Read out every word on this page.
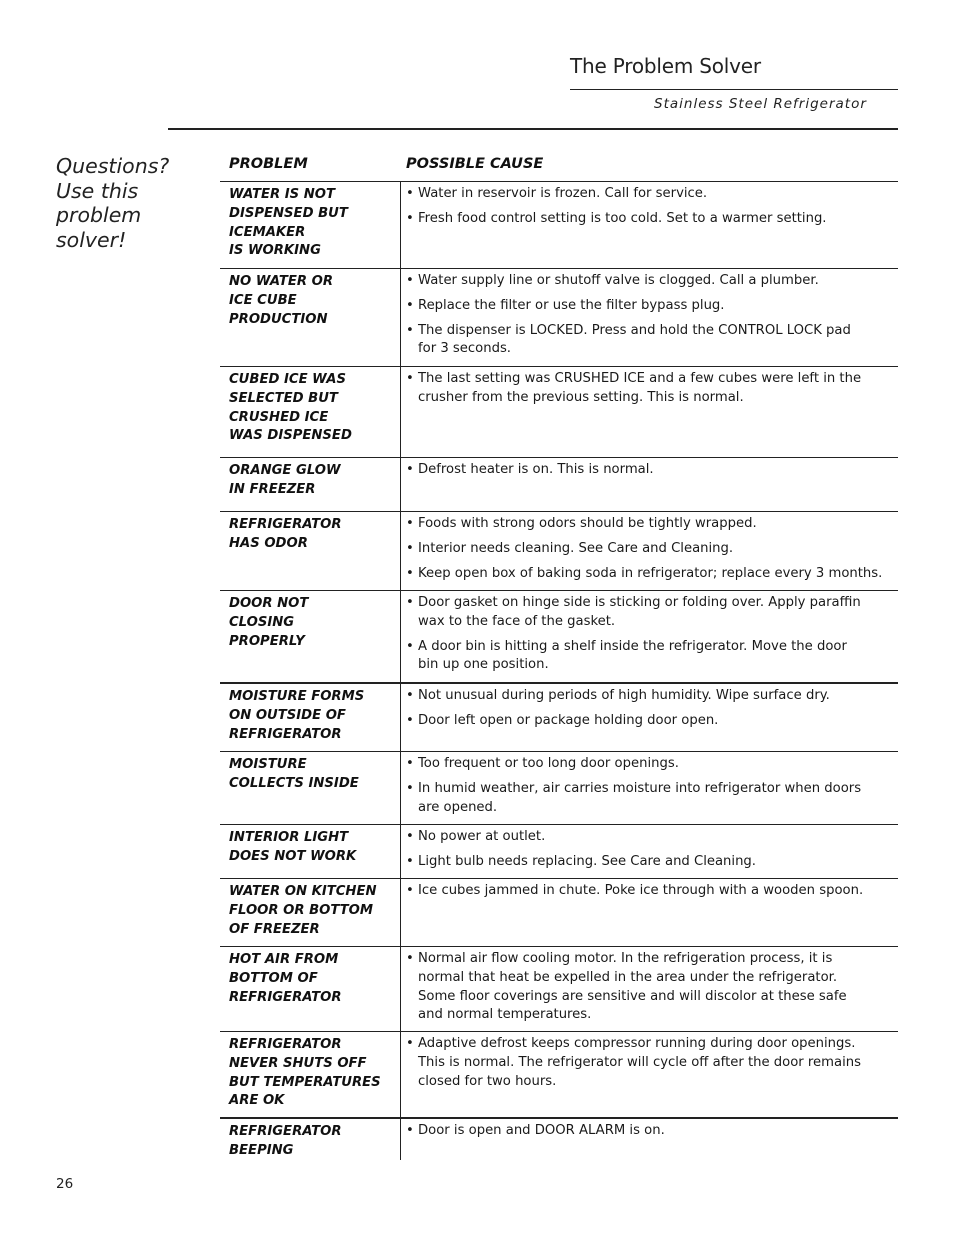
The Problem Solver
Stainless Steel Refrigerator
Questions?
Use this
problem
solver!
PROBLEM	POSSIBLE CAUSE
WATER IS NOT
DISPENSED BUT
ICEMAKER
IS WORKING
• Water in reservoir is frozen. Call for service.
• Fresh food control setting is too cold. Set to a warmer setting.
NO WATER OR
ICE CUBE
PRODUCTION
• Water supply line or shutoff valve is clogged. Call a plumber.
• Replace the filter or use the filter bypass plug.
• The dispenser is LOCKED. Press and hold the CONTROL LOCK pad
for 3 seconds.
CUBED ICE WAS
SELECTED BUT
CRUSHED ICE
WAS DISPENSED
• The last setting was CRUSHED ICE and a few cubes were left in the
crusher from the previous setting. This is normal.
ORANGE GLOW
IN FREEZER
• Defrost heater is on. This is normal.
REFRIGERATOR
HAS ODOR
• Foods with strong odors should be tightly wrapped.
• Interior needs cleaning. See Care and Cleaning.
• Keep open box of baking soda in refrigerator; replace every 3 months.
DOOR NOT
CLOSING
PROPERLY
• Door gasket on hinge side is sticking or folding over. Apply paraffin
wax to the face of the gasket.
• A door bin is hitting a shelf inside the refrigerator. Move the door
bin up one position.
MOISTURE FORMS
ON OUTSIDE OF
REFRIGERATOR
• Not unusual during periods of high humidity. Wipe surface dry.
• Door left open or package holding door open.
MOISTURE
COLLECTS INSIDE
• Too frequent or too long door openings.
• In humid weather, air carries moisture into refrigerator when doors
are opened.
INTERIOR LIGHT
DOES NOT WORK
• No power at outlet.
• Light bulb needs replacing. See Care and Cleaning.
WATER ON KITCHEN
FLOOR OR BOTTOM
OF FREEZER
• Ice cubes jammed in chute. Poke ice through with a wooden spoon.
HOT AIR FROM
BOTTOM OF
REFRIGERATOR
• Normal air flow cooling motor. In the refrigeration process, it is
normal that heat be expelled in the area under the refrigerator.
Some floor coverings are sensitive and will discolor at these safe
and normal temperatures.
REFRIGERATOR
NEVER SHUTS OFF
BUT TEMPERATURES
ARE OK
• Adaptive defrost keeps compressor running during door openings.
This is normal. The refrigerator will cycle off after the door remains
closed for two hours.
REFRIGERATOR
BEEPING
• Door is open and DOOR ALARM is on.
26
